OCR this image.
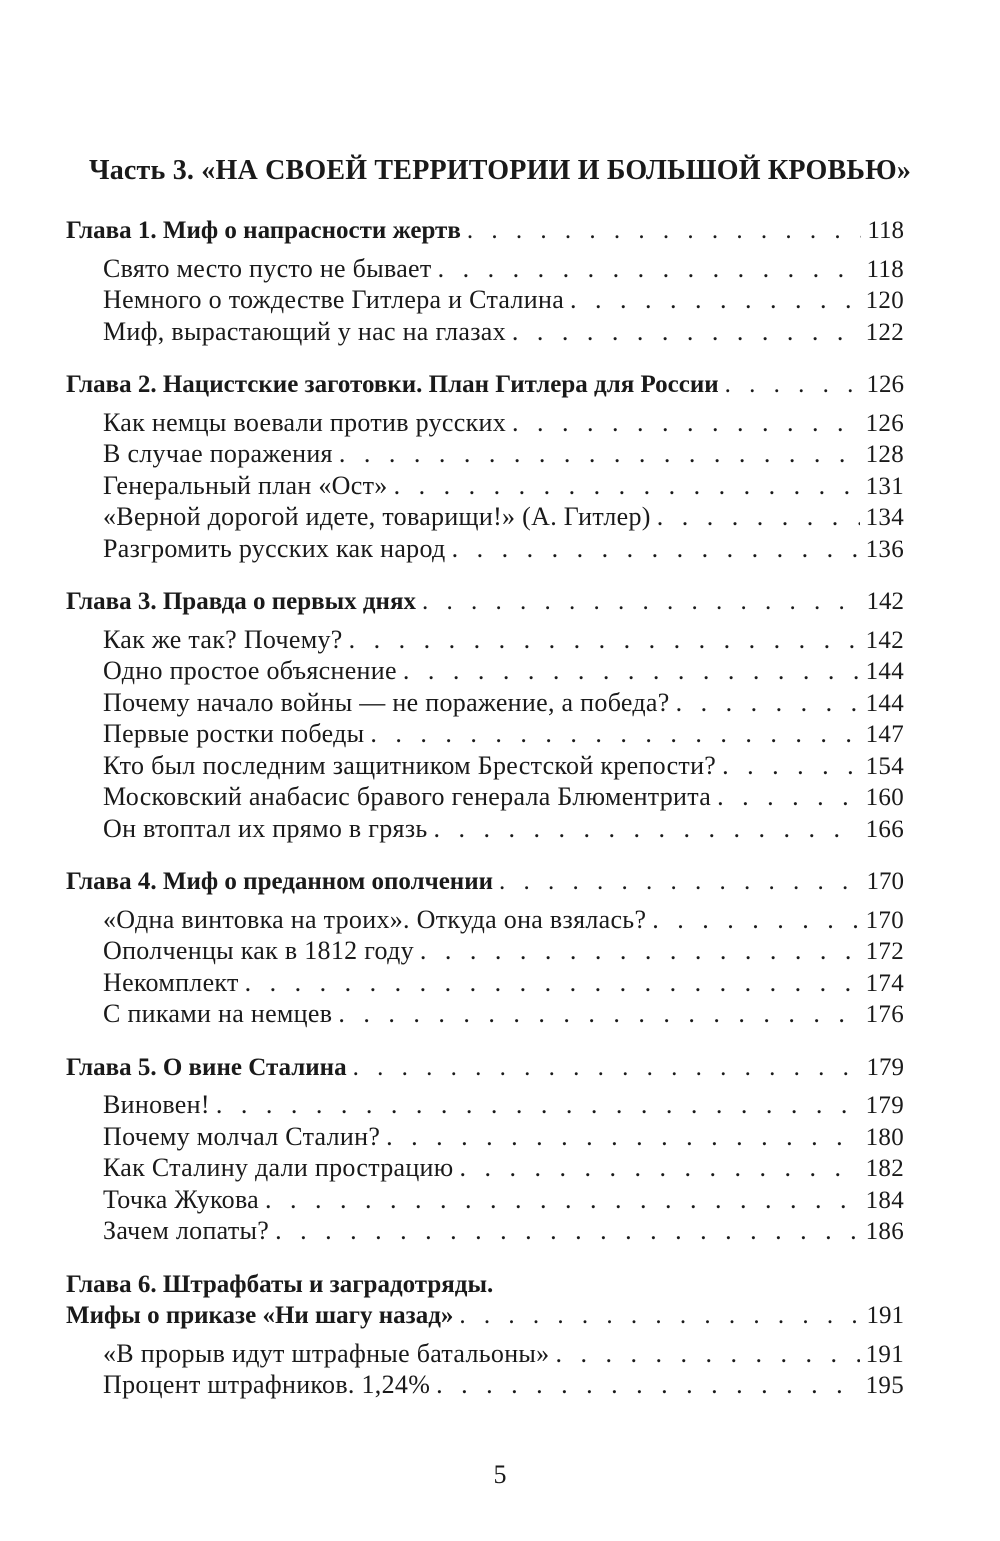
Часть 3. «НА СВОЕЙ ТЕРРИТОРИИ И БОЛЬШОЙ КРОВЬЮ»
Глава 1. Миф о напрасности жертв . . .	118
Свято место пусто не бывает . . .	118
Немного о тождестве Гитлера и Сталина . . .	120
Миф, вырастающий у нас на глазах . . .	122
Глава 2. Нацистские заготовки. План Гитлера для России . . .	126
Как немцы воевали против русских . . .	126
В случае поражения . . .	128
Генеральный план «Ост» . . .	131
«Верной дорогой идете, товарищи!» (А. Гитлер) . . .	134
Разгромить русских как народ . . .	136
Глава 3. Правда о первых днях . . .	142
Как же так? Почему? . . .	142
Одно простое объяснение . . .	144
Почему начало войны — не поражение, а победа? . . .	144
Первые ростки победы . . .	147
Кто был последним защитником Брестской крепости? . . .	154
Московский анабасис бравого генерала Блюментрита . . .	160
Он втоптал их прямо в грязь . . .	166
Глава 4. Миф о преданном ополчении . . .	170
«Одна винтовка на троих». Откуда она взялась? . . .	170
Ополченцы как в 1812 году . . .	172
Некомплект . . .	174
С пиками на немцев . . .	176
Глава 5. О вине Сталина . . .	179
Виновен! . . .	179
Почему молчал Сталин? . . .	180
Как Сталину дали прострацию . . .	182
Точка Жукова . . .	184
Зачем лопаты? . . .	186
Глава 6. Штрафбаты и заградотряды.
Мифы о приказе «Ни шагу назад» . . .	191
«В прорыв идут штрафные батальоны» . . .	191
Процент штрафников. 1,24% . . .	195
5
